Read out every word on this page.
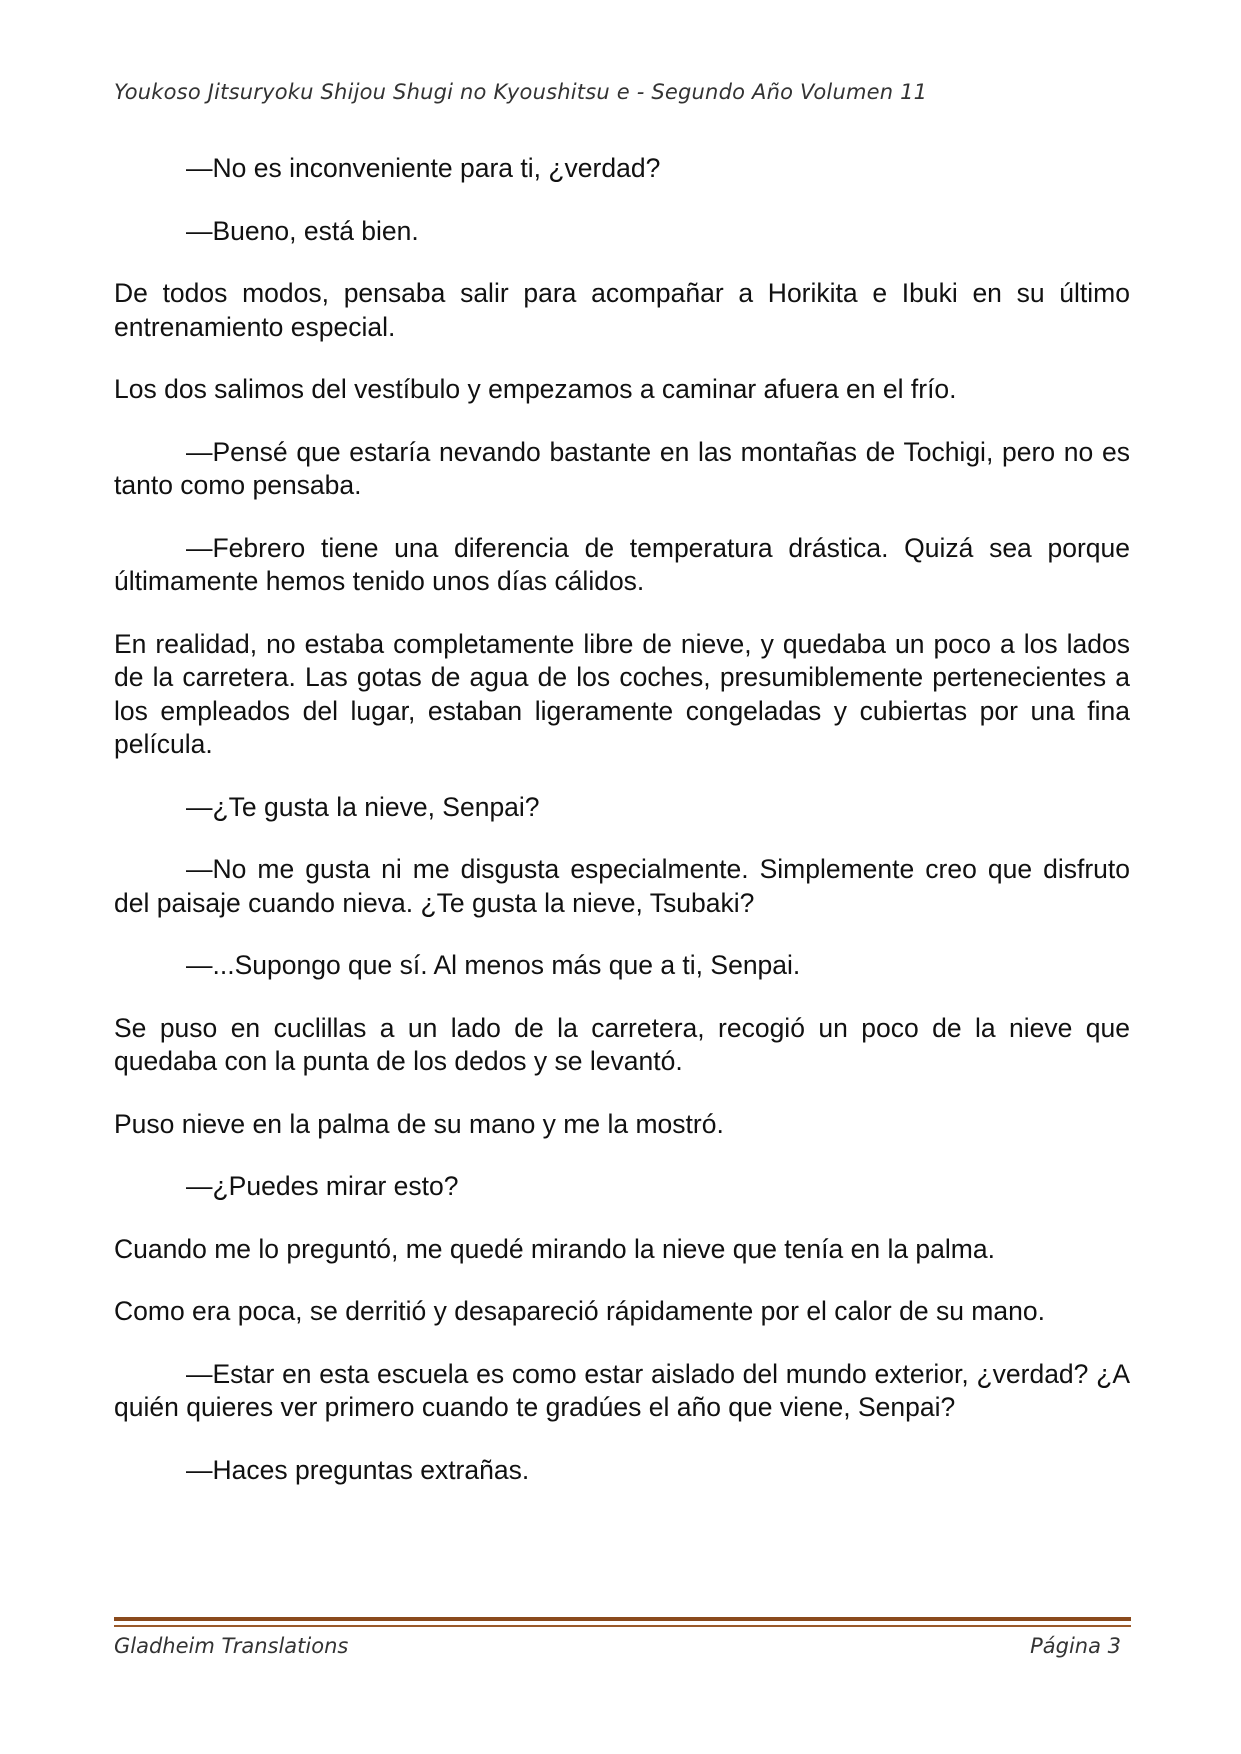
Youkoso Jitsuryoku Shijou Shugi no Kyoushitsu e - Segundo Año Volumen 11

—No es inconveniente para ti, ¿verdad?

—Bueno, está bien.

De todos modos, pensaba salir para acompañar a Horikita e Ibuki en su último entrenamiento especial.

Los dos salimos del vestíbulo y empezamos a caminar afuera en el frío.

—Pensé que estaría nevando bastante en las montañas de Tochigi, pero no es tanto como pensaba.

—Febrero tiene una diferencia de temperatura drástica. Quizá sea porque últimamente hemos tenido unos días cálidos.

En realidad, no estaba completamente libre de nieve, y quedaba un poco a los lados de la carretera. Las gotas de agua de los coches, presumiblemente pertenecientes a los empleados del lugar, estaban ligeramente congeladas y cubiertas por una fina película.

—¿Te gusta la nieve, Senpai?

—No me gusta ni me disgusta especialmente. Simplemente creo que disfruto del paisaje cuando nieva. ¿Te gusta la nieve, Tsubaki?

—...Supongo que sí. Al menos más que a ti, Senpai.

Se puso en cuclillas a un lado de la carretera, recogió un poco de la nieve que quedaba con la punta de los dedos y se levantó.

Puso nieve en la palma de su mano y me la mostró.

—¿Puedes mirar esto?

Cuando me lo preguntó, me quedé mirando la nieve que tenía en la palma.

Como era poca, se derritió y desapareció rápidamente por el calor de su mano.

—Estar en esta escuela es como estar aislado del mundo exterior, ¿verdad? ¿A quién quieres ver primero cuando te gradúes el año que viene, Senpai?

—Haces preguntas extrañas.

Gladheim Translations	Página 3
